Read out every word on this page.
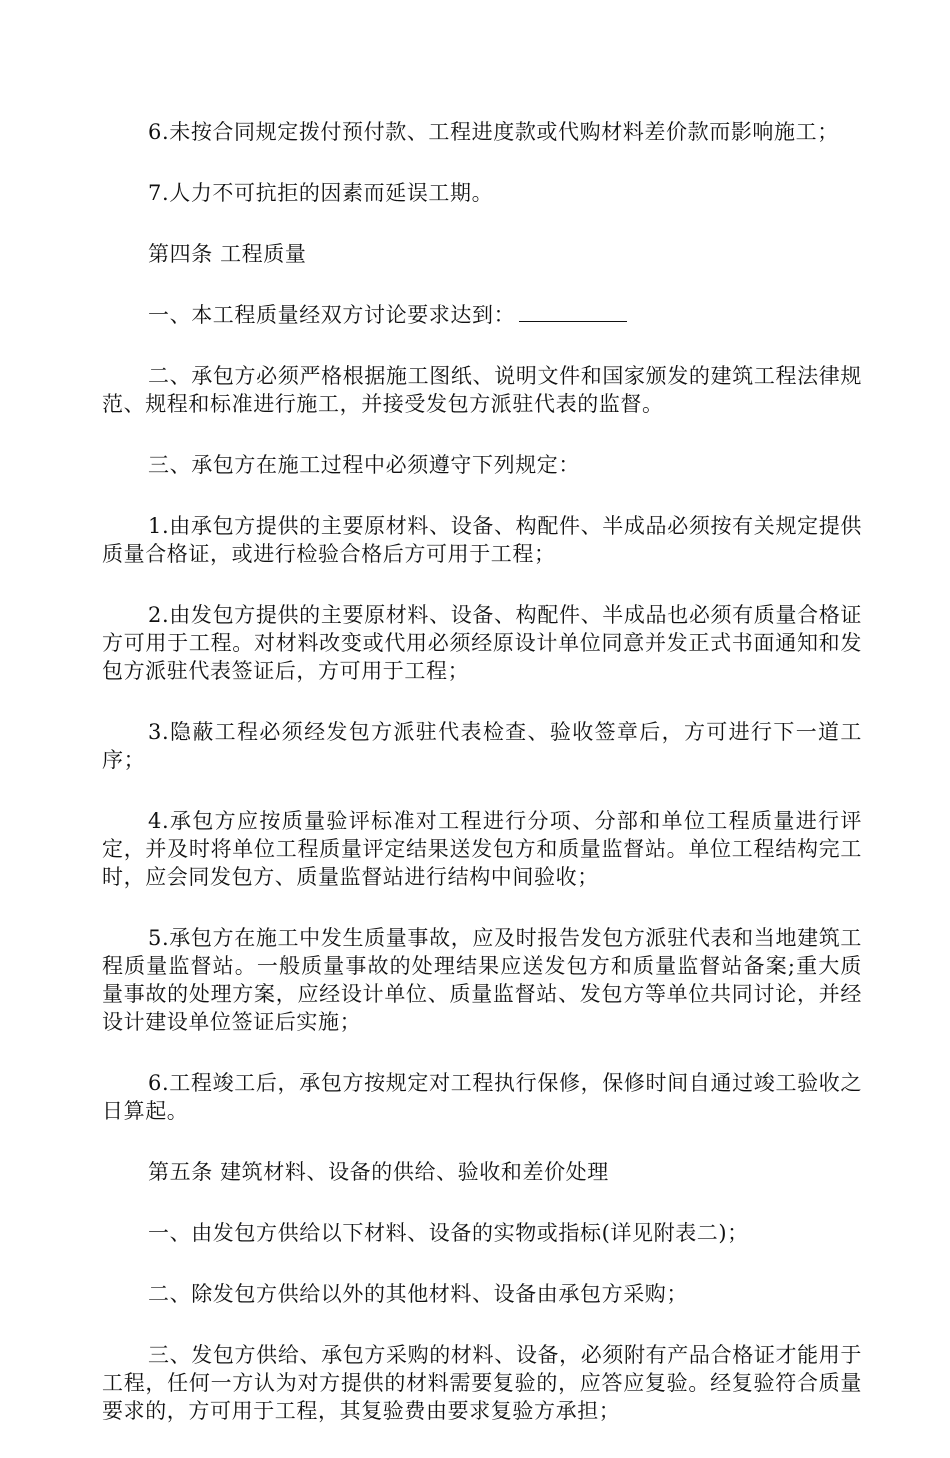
6.未按合同规定拨付预付款、工程进度款或代购材料差价款而影响施工；

7.人力不可抗拒的因素而延误工期。

第四条 工程质量

一、本工程质量经双方讨论要求达到：

二、承包方必须严格根据施工图纸、说明文件和国家颁发的建筑工程法律规范、规程和标准进行施工，并接受发包方派驻代表的监督。

三、承包方在施工过程中必须遵守下列规定：

1.由承包方提供的主要原材料、设备、构配件、半成品必须按有关规定提供质量合格证，或进行检验合格后方可用于工程；

2.由发包方提供的主要原材料、设备、构配件、半成品也必须有质量合格证方可用于工程。对材料改变或代用必须经原设计单位同意并发正式书面通知和发包方派驻代表签证后，方可用于工程；

3.隐蔽工程必须经发包方派驻代表检查、验收签章后，方可进行下一道工序；

4.承包方应按质量验评标准对工程进行分项、分部和单位工程质量进行评定，并及时将单位工程质量评定结果送发包方和质量监督站。单位工程结构完工时，应会同发包方、质量监督站进行结构中间验收；

5.承包方在施工中发生质量事故，应及时报告发包方派驻代表和当地建筑工程质量监督站。一般质量事故的处理结果应送发包方和质量监督站备案;重大质量事故的处理方案，应经设计单位、质量监督站、发包方等单位共同讨论，并经设计建设单位签证后实施；

6.工程竣工后，承包方按规定对工程执行保修，保修时间自通过竣工验收之日算起。

第五条 建筑材料、设备的供给、验收和差价处理

一、由发包方供给以下材料、设备的实物或指标(详见附表二)；

二、除发包方供给以外的其他材料、设备由承包方采购；

三、发包方供给、承包方采购的材料、设备，必须附有产品合格证才能用于工程，任何一方认为对方提供的材料需要复验的，应答应复验。经复验符合质量要求的，方可用于工程，其复验费由要求复验方承担；
